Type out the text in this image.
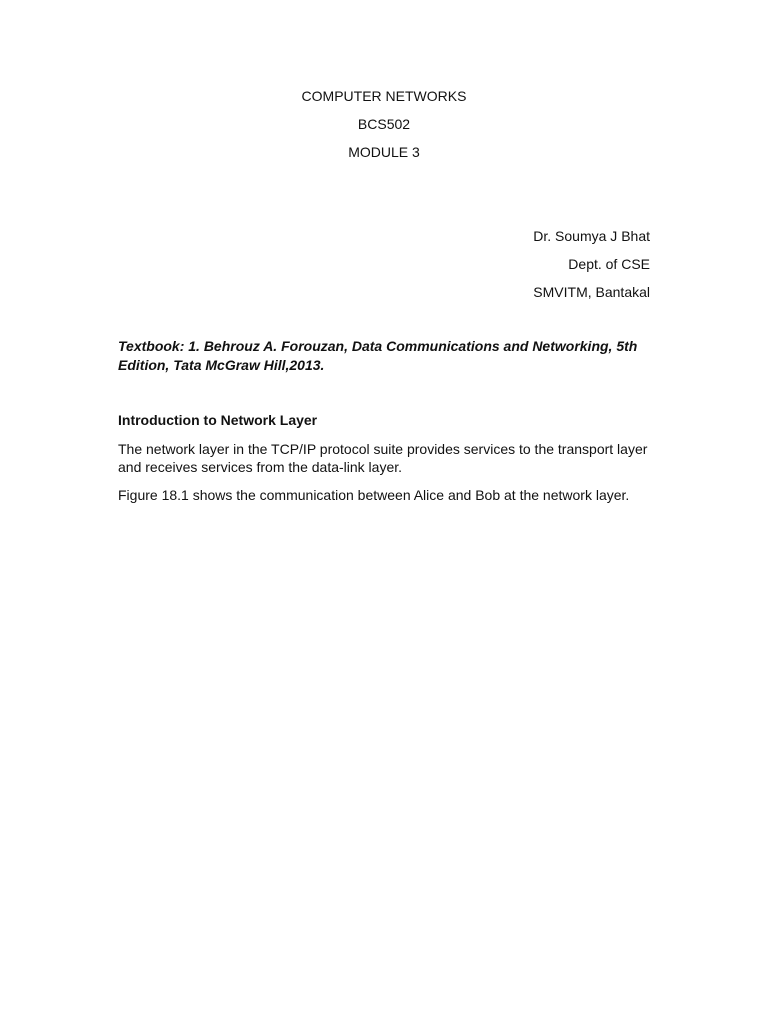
COMPUTER NETWORKS
BCS502
MODULE 3
Dr. Soumya J Bhat
Dept. of CSE
SMVITM, Bantakal
Textbook: 1. Behrouz A. Forouzan, Data Communications and Networking, 5th Edition, Tata McGraw Hill,2013.
Introduction to Network Layer
The network layer in the TCP/IP protocol suite provides services to the transport layer and receives services from the data-link layer.
Figure 18.1 shows the communication between Alice and Bob at the network layer.
